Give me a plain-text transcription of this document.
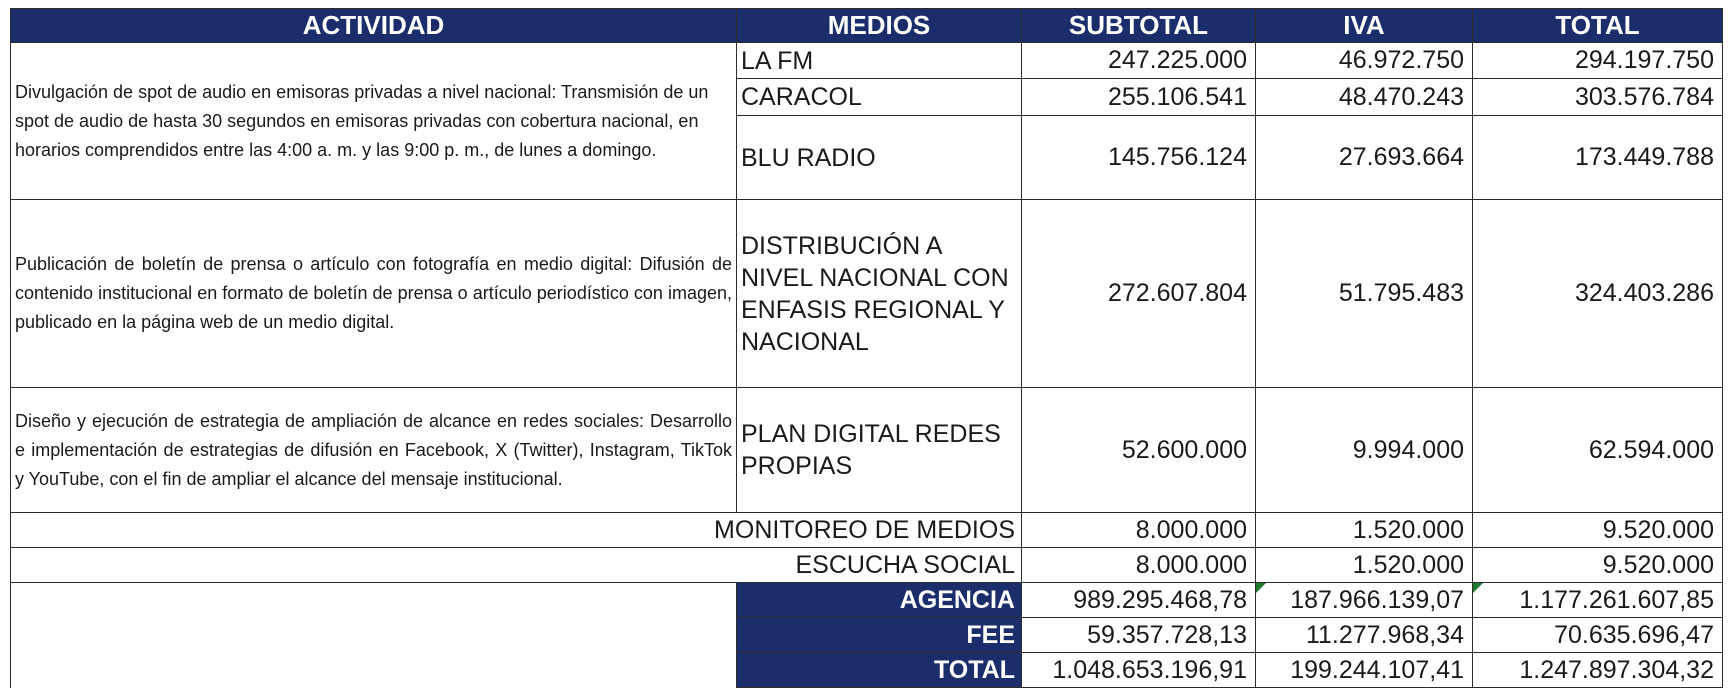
ACTIVIDAD	MEDIOS	SUBTOTAL	IVA	TOTAL
Divulgación de spot de audio en emisoras privadas a nivel nacional: Transmisión de un spot de audio de hasta 30 segundos en emisoras privadas con cobertura nacional, en horarios comprendidos entre las 4:00 a. m. y las 9:00 p. m., de lunes a domingo.	LA FM	247.225.000	46.972.750	294.197.750
	CARACOL	255.106.541	48.470.243	303.576.784
	BLU RADIO	145.756.124	27.693.664	173.449.788
Publicación de boletín de prensa o artículo con fotografía en medio digital: Difusión de contenido institucional en formato de boletín de prensa o artículo periodístico con imagen, publicado en la página web de un medio digital.	DISTRIBUCIÓN A NIVEL NACIONAL CON ENFASIS REGIONAL Y NACIONAL	272.607.804	51.795.483	324.403.286
Diseño y ejecución de estrategia de ampliación de alcance en redes sociales: Desarrollo e implementación de estrategias de difusión en Facebook, X (Twitter), Instagram, TikTok y YouTube, con el fin de ampliar el alcance del mensaje institucional.	PLAN DIGITAL REDES PROPIAS	52.600.000	9.994.000	62.594.000
MONITOREO DE MEDIOS		8.000.000	1.520.000	9.520.000
ESCUCHA SOCIAL		8.000.000	1.520.000	9.520.000
	AGENCIA	989.295.468,78	187.966.139,07	1.177.261.607,85
	FEE	59.357.728,13	11.277.968,34	70.635.696,47
	TOTAL	1.048.653.196,91	199.244.107,41	1.247.897.304,32
